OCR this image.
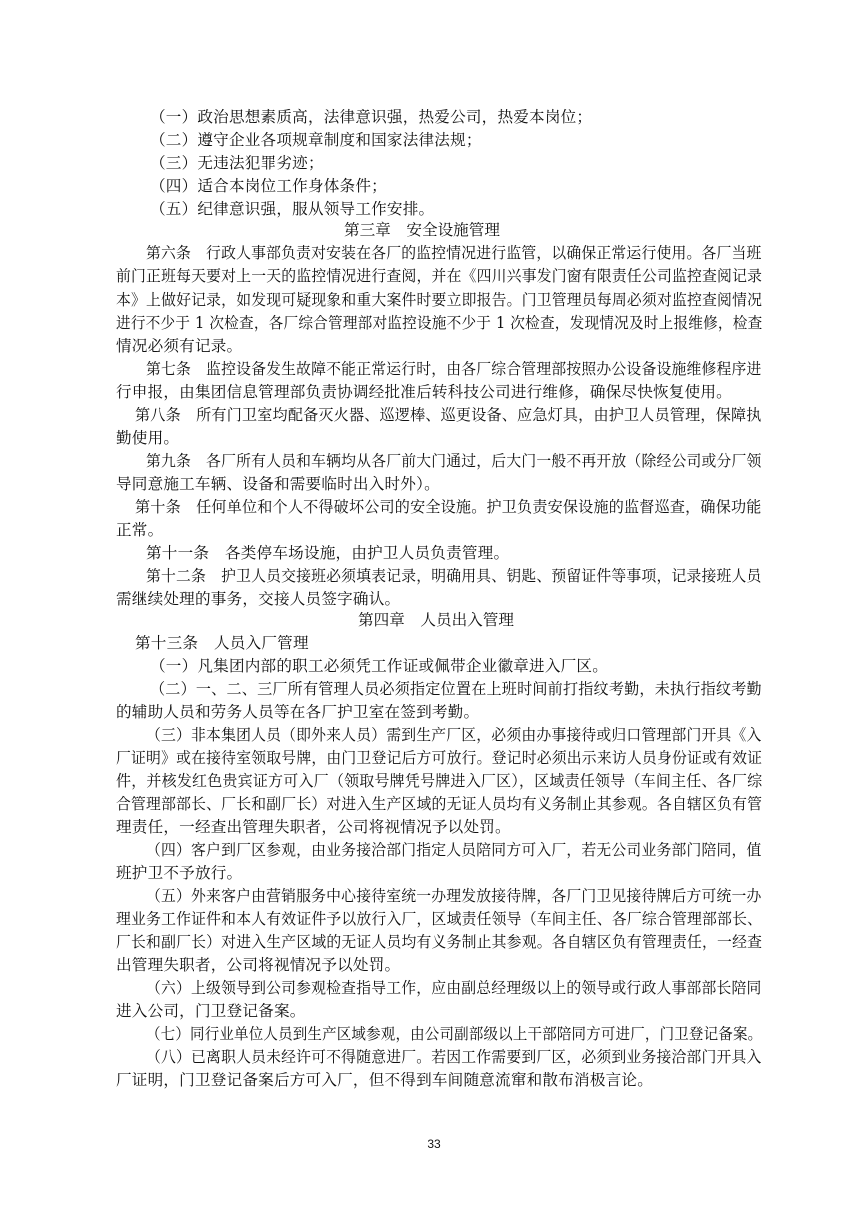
（一）政治思想素质高，法律意识强，热爱公司，热爱本岗位；
（二）遵守企业各项规章制度和国家法律法规；
（三）无违法犯罪劣迹；
（四）适合本岗位工作身体条件；
（五）纪律意识强，服从领导工作安排。
第三章　安全设施管理
第六条　行政人事部负责对安装在各厂的监控情况进行监管，以确保正常运行使用。各厂当班
前门正班每天要对上一天的监控情况进行查阅，并在《四川兴事发门窗有限责任公司监控查阅记录
本》上做好记录，如发现可疑现象和重大案件时要立即报告。门卫管理员每周必须对监控查阅情况
进行不少于 1 次检查，各厂综合管理部对监控设施不少于 1 次检查，发现情况及时上报维修，检查
情况必须有记录。
第七条　监控设备发生故障不能正常运行时，由各厂综合管理部按照办公设备设施维修程序进
行申报，由集团信息管理部负责协调经批准后转科技公司进行维修，确保尽快恢复使用。
第八条　所有门卫室均配备灭火器、巡逻棒、巡更设备、应急灯具，由护卫人员管理，保障执
勤使用。
第九条　各厂所有人员和车辆均从各厂前大门通过，后大门一般不再开放（除经公司或分厂领
导同意施工车辆、设备和需要临时出入时外）。
第十条　任何单位和个人不得破坏公司的安全设施。护卫负责安保设施的监督巡查，确保功能
正常。
第十一条　各类停车场设施，由护卫人员负责管理。
第十二条　护卫人员交接班必须填表记录，明确用具、钥匙、预留证件等事项，记录接班人员
需继续处理的事务，交接人员签字确认。
第四章　人员出入管理
第十三条　人员入厂管理
（一）凡集团内部的职工必须凭工作证或佩带企业徽章进入厂区。
（二）一、二、三厂所有管理人员必须指定位置在上班时间前打指纹考勤，未执行指纹考勤
的辅助人员和劳务人员等在各厂护卫室在签到考勤。
（三）非本集团人员（即外来人员）需到生产厂区，必须由办事接待或归口管理部门开具《入
厂证明》或在接待室领取号牌，由门卫登记后方可放行。登记时必须出示来访人员身份证或有效证
件，并核发红色贵宾证方可入厂（领取号牌凭号牌进入厂区），区域责任领导（车间主任、各厂综
合管理部部长、厂长和副厂长）对进入生产区域的无证人员均有义务制止其参观。各自辖区负有管
理责任，一经查出管理失职者，公司将视情况予以处罚。
（四）客户到厂区参观，由业务接洽部门指定人员陪同方可入厂，若无公司业务部门陪同，值
班护卫不予放行。
（五）外来客户由营销服务中心接待室统一办理发放接待牌，各厂门卫见接待牌后方可统一办
理业务工作证件和本人有效证件予以放行入厂，区域责任领导（车间主任、各厂综合管理部部长、
厂长和副厂长）对进入生产区域的无证人员均有义务制止其参观。各自辖区负有管理责任，一经查
出管理失职者，公司将视情况予以处罚。
（六）上级领导到公司参观检查指导工作，应由副总经理级以上的领导或行政人事部部长陪同
进入公司，门卫登记备案。
（七）同行业单位人员到生产区域参观，由公司副部级以上干部陪同方可进厂，门卫登记备案。
（八）已离职人员未经许可不得随意进厂。若因工作需要到厂区，必须到业务接洽部门开具入
厂证明，门卫登记备案后方可入厂，但不得到车间随意流窜和散布消极言论。
33
